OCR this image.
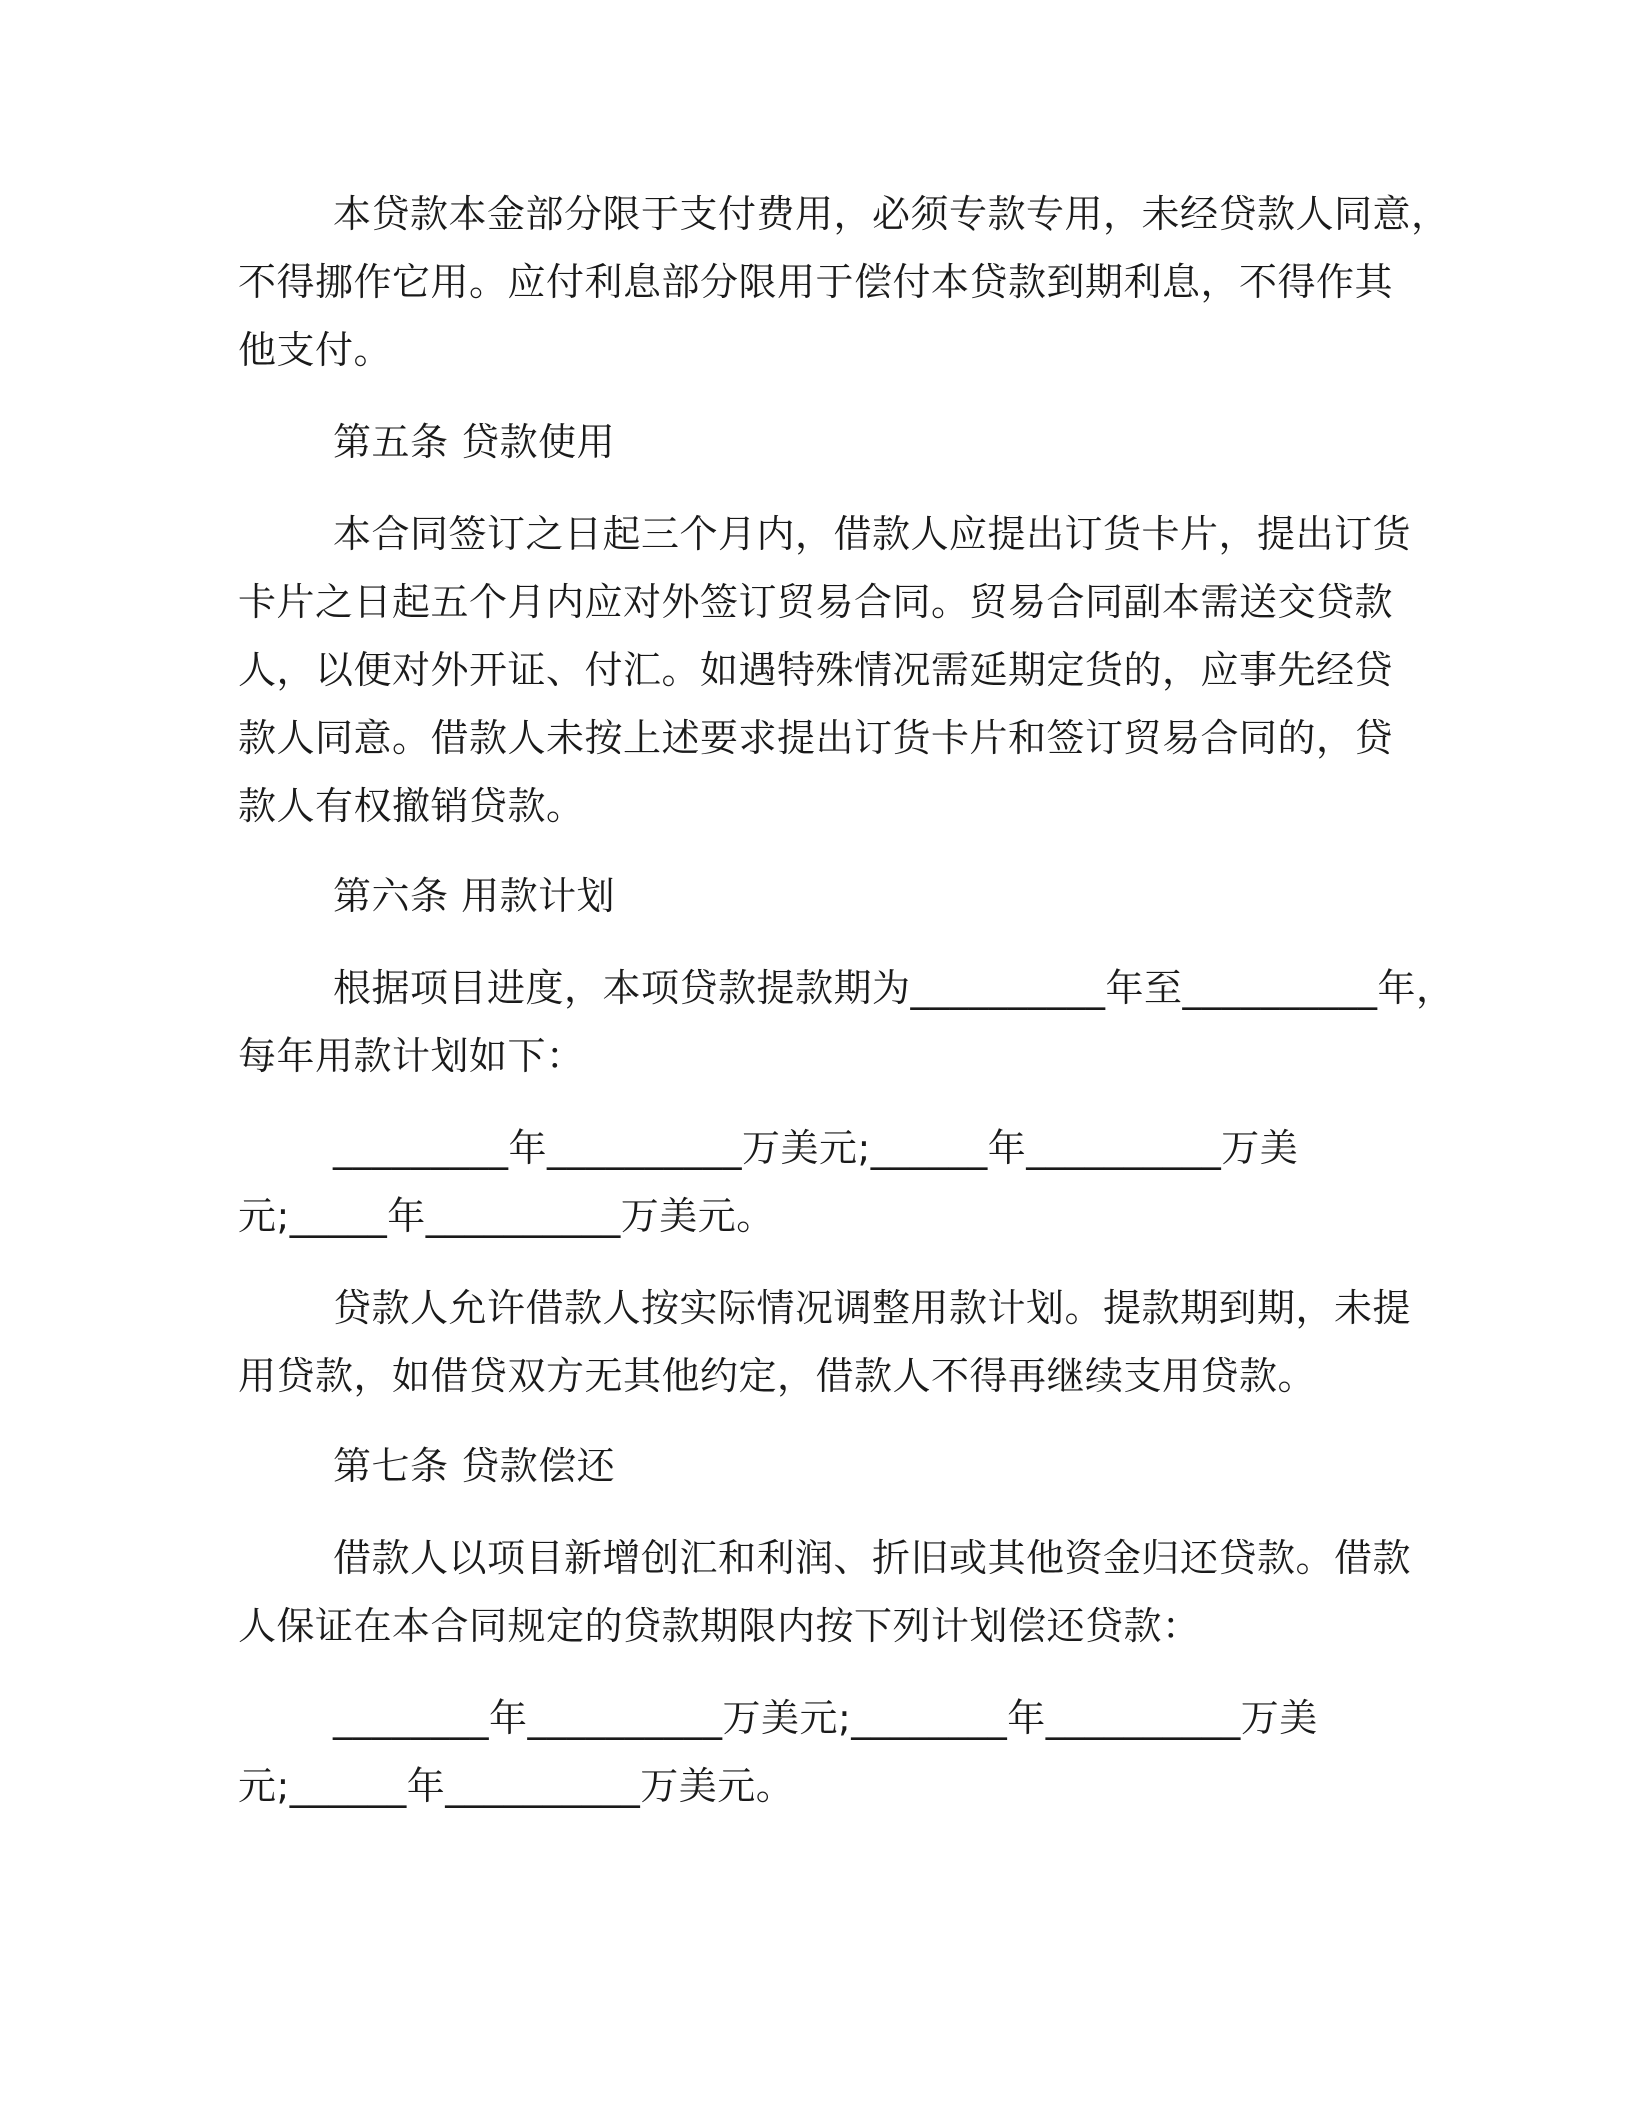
本贷款本金部分限于支付费用，必须专款专用，未经贷款人同意，

不得挪作它用。应付利息部分限用于偿付本贷款到期利息，不得作其

他支付。

第五条 贷款使用

本合同签订之日起三个月内，借款人应提出订货卡片，提出订货

卡片之日起五个月内应对外签订贸易合同。贸易合同副本需送交贷款

人，以便对外开证、付汇。如遇特殊情况需延期定货的，应事先经贷

款人同意。借款人未按上述要求提出订货卡片和签订贸易合同的，贷

款人有权撤销贷款。

第六条 用款计划

根据项目进度，本项贷款提款期为__________年至__________年，

每年用款计划如下：

_________年__________万美元;______年__________万美

元;_____年__________万美元。

贷款人允许借款人按实际情况调整用款计划。提款期到期，未提

用贷款，如借贷双方无其他约定，借款人不得再继续支用贷款。

第七条 贷款偿还

借款人以项目新增创汇和利润、折旧或其他资金归还贷款。借款

人保证在本合同规定的贷款期限内按下列计划偿还贷款：

________年__________万美元;________年__________万美

元;______年__________万美元。
